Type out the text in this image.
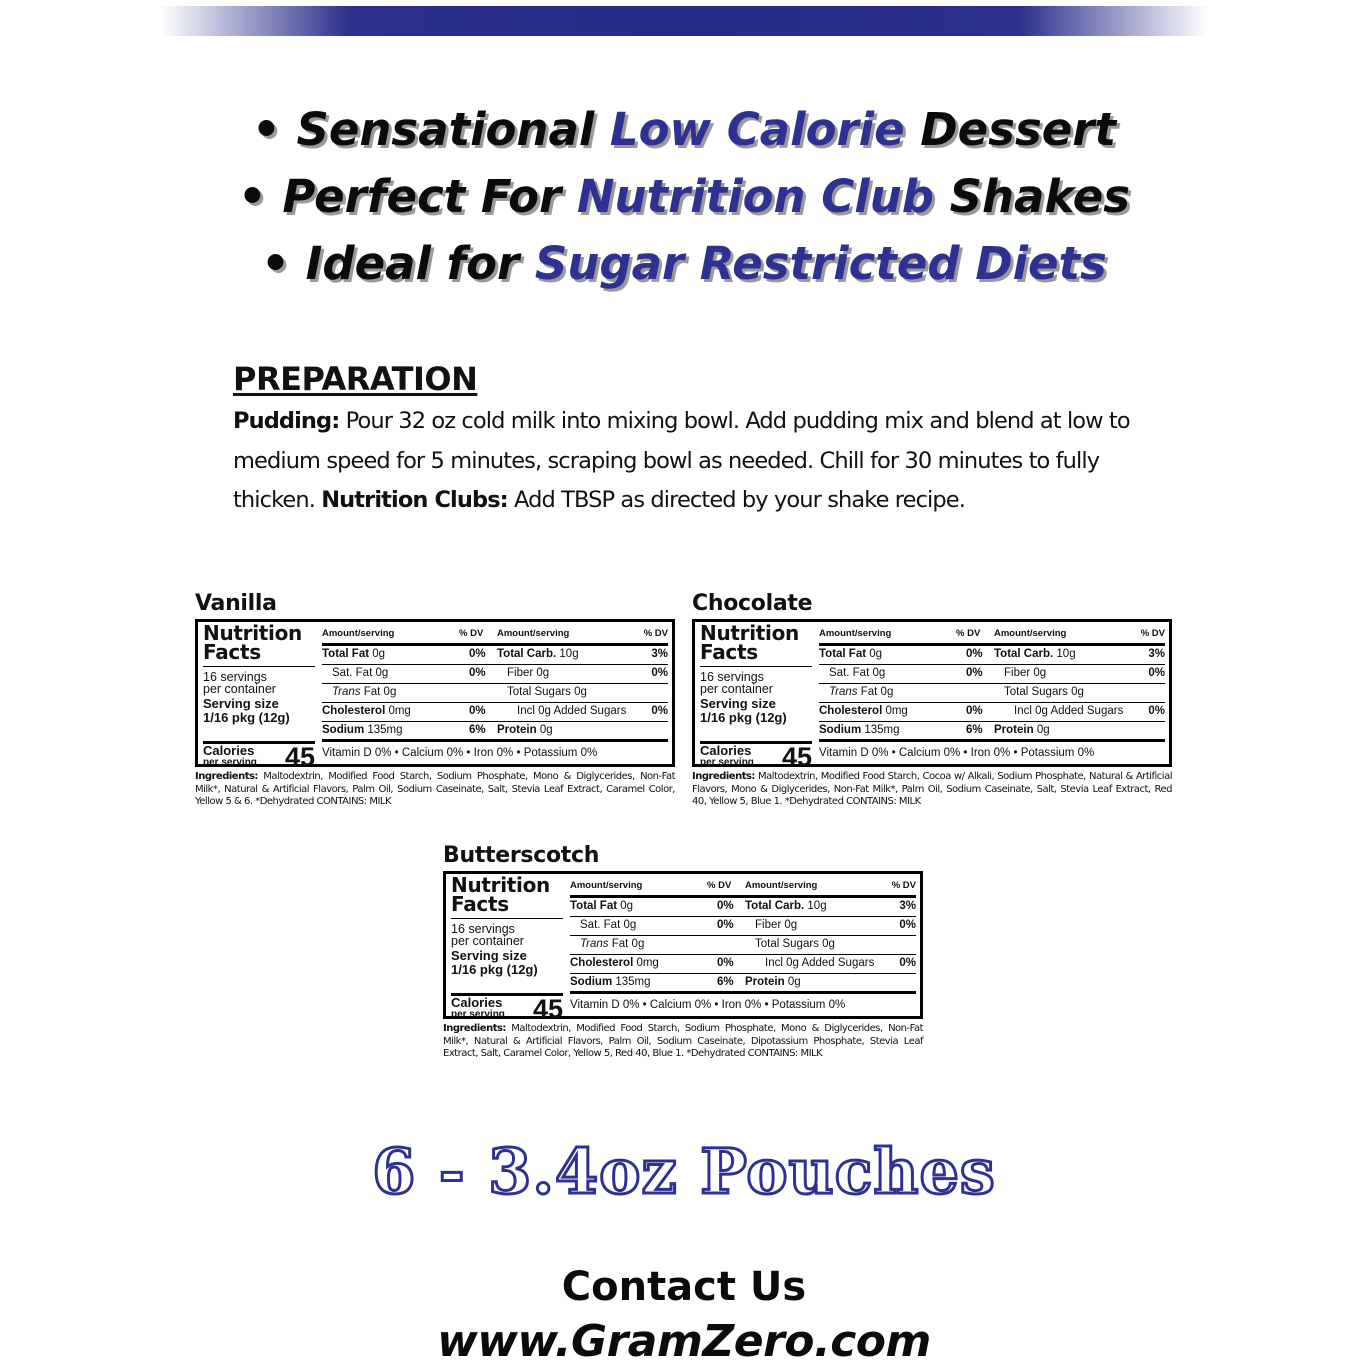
• Sensational Low Calorie Dessert
• Perfect For Nutrition Club Shakes
• Ideal for Sugar Restricted Diets
PREPARATION
Pudding: Pour 32 oz cold milk into mixing bowl. Add pudding mix and blend at low to medium speed for 5 minutes, scraping bowl as needed. Chill for 30 minutes to fully thicken. Nutrition Clubs: Add TBSP as directed by your shake recipe.
Vanilla
Nutrition
Facts
16 servings
per container
Serving size
1/16 pkg (12g)
Calories
per serving 45
Amount/serving	% DV Amount/serving	% DV
Total Fat 0g	0% Total Carb. 10g	3%
Sat. Fat 0g	0% Fiber 0g	0%
Trans Fat 0g	Total Sugars 0g
Cholesterol 0mg	0%	Incl 0g Added Sugars 0%
Sodium 135mg	6% Protein 0g
Vitamin D 0% • Calcium 0% • Iron 0% • Potassium 0%
Ingredients: Maltodextrin, Modified Food Starch, Sodium Phosphate, Mono & Diglycerides, Non-Fat Milk*, Natural & Artificial Flavors, Palm Oil, Sodium Caseinate, Salt, Stevia Leaf Extract, Caramel Color, Yellow 5 & 6. *Dehydrated CONTAINS: MILK
Chocolate
Nutrition
Facts
16 servings
per container
Serving size
1/16 pkg (12g)
Calories
per serving 45
Amount/serving	% DV Amount/serving	% DV
Total Fat 0g	0% Total Carb. 10g	3%
Sat. Fat 0g	0% Fiber 0g	0%
Trans Fat 0g	Total Sugars 0g
Cholesterol 0mg	0%	Incl 0g Added Sugars 0%
Sodium 135mg	6% Protein 0g
Vitamin D 0% • Calcium 0% • Iron 0% • Potassium 0%
Ingredients: Maltodextrin, Modified Food Starch, Cocoa w/ Alkali, Sodium Phosphate, Natural & Artificial Flavors, Mono & Diglycerides, Non-Fat Milk*, Palm Oil, Sodium Caseinate, Salt, Stevia Leaf Extract, Red 40, Yellow 5, Blue 1. *Dehydrated CONTAINS: MILK
Butterscotch
Nutrition
Facts
16 servings
per container
Serving size
1/16 pkg (12g)
Calories
per serving 45
Amount/serving	% DV Amount/serving	% DV
Total Fat 0g	0% Total Carb. 10g	3%
Sat. Fat 0g	0% Fiber 0g	0%
Trans Fat 0g	Total Sugars 0g
Cholesterol 0mg	0%	Incl 0g Added Sugars 0%
Sodium 135mg	6% Protein 0g
Vitamin D 0% • Calcium 0% • Iron 0% • Potassium 0%
Ingredients: Maltodextrin, Modified Food Starch, Sodium Phosphate, Mono & Diglycerides, Non-Fat Milk*, Natural & Artificial Flavors, Palm Oil, Sodium Caseinate, Dipotassium Phosphate, Stevia Leaf Extract, Salt, Caramel Color, Yellow 5, Red 40, Blue 1. *Dehydrated CONTAINS: MILK
6 - 3.4oz Pouches
Contact Us
www.GramZero.com
